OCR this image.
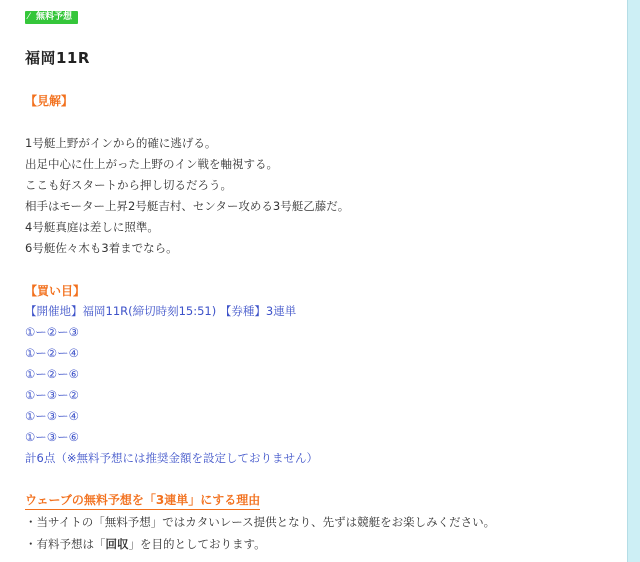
⁄ 無料予想
福岡11R
【見解】
1号艇上野がインから的確に逃げる。
出足中心に仕上がった上野のイン戦を軸視する。
ここも好スタートから押し切るだろう。
相手はモーター上昇2号艇吉村、センター攻める3号艇乙藤だ。
4号艇真庭は差しに照準。
6号艇佐々木も3着までなら。
【買い目】
【開催地】福岡11R(締切時刻15:51) 【券種】3連単
①ー②ー③
①ー②ー④
①ー②ー⑥
①ー③ー②
①ー③ー④
①ー③ー⑥
計6点（※無料予想には推奨金額を設定しておりません）
ウェーブの無料予想を「3連単」にする理由
・当サイトの「無料予想」ではカタいレース提供となり、先ずは競艇をお楽しみください。
・有料予想は「回収」を目的としております。
